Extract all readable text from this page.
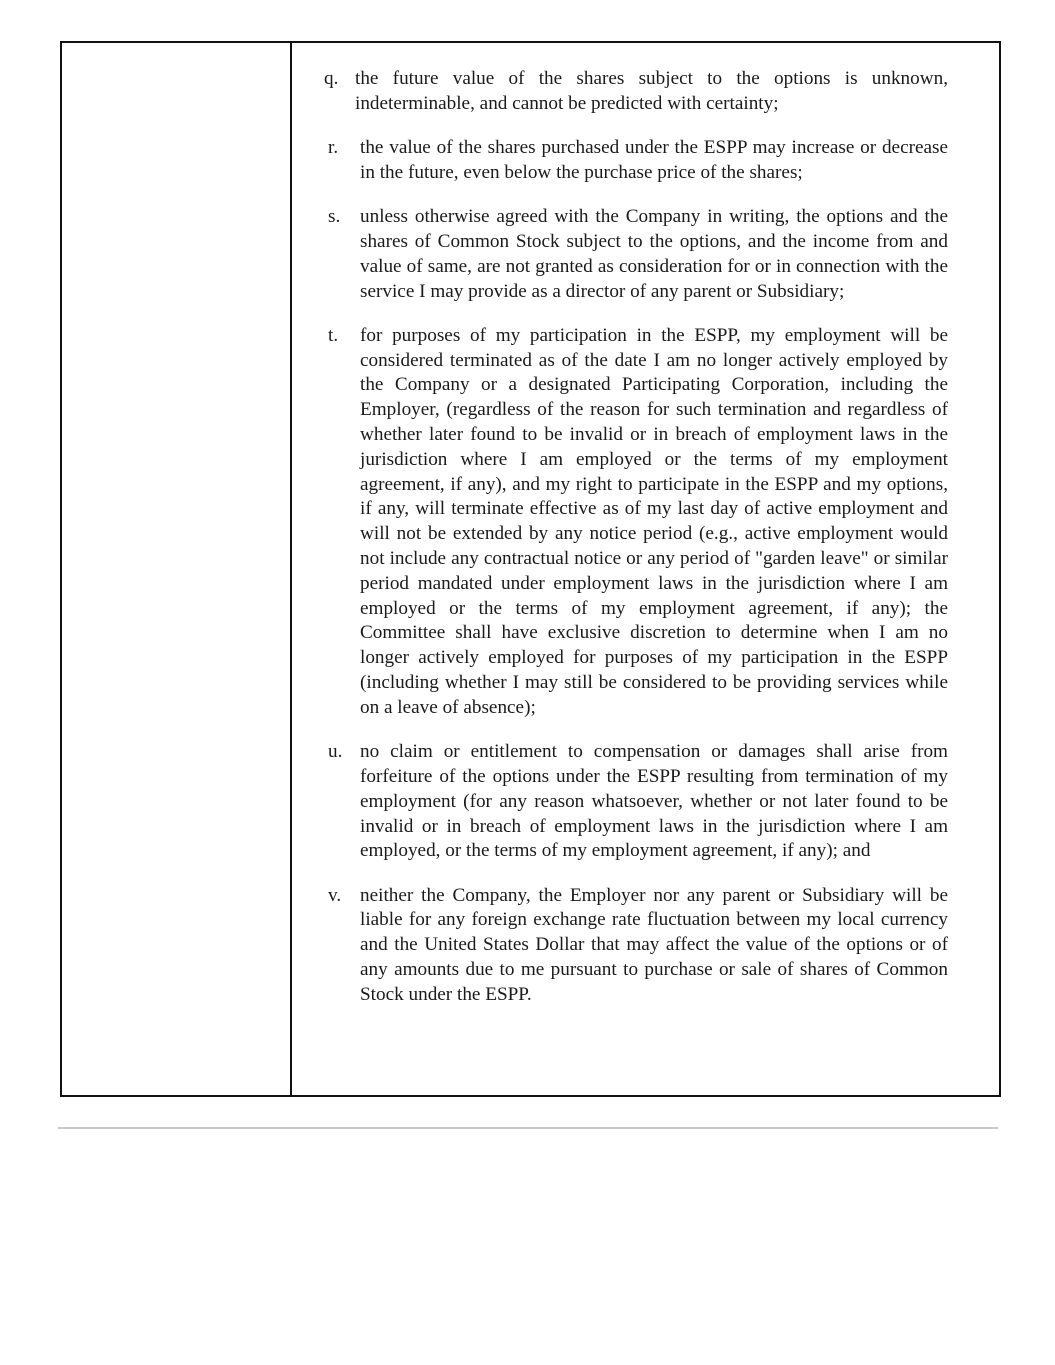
q. the future value of the shares subject to the options is unknown, indeterminable, and cannot be predicted with certainty;
r. the value of the shares purchased under the ESPP may increase or decrease in the future, even below the purchase price of the shares;
s. unless otherwise agreed with the Company in writing, the options and the shares of Common Stock subject to the options, and the income from and value of same, are not granted as consideration for or in connection with the service I may provide as a director of any parent or Subsidiary;
t. for purposes of my participation in the ESPP, my employment will be considered terminated as of the date I am no longer actively employed by the Company or a designated Participating Corporation, including the Employer, (regardless of the reason for such termination and regardless of whether later found to be invalid or in breach of employment laws in the jurisdiction where I am employed or the terms of my employment agreement, if any), and my right to participate in the ESPP and my options, if any, will terminate effective as of my last day of active employment and will not be extended by any notice period (e.g., active employment would not include any contractual notice or any period of "garden leave" or similar period mandated under employment laws in the jurisdiction where I am employed or the terms of my employment agreement, if any); the Committee shall have exclusive discretion to determine when I am no longer actively employed for purposes of my participation in the ESPP (including whether I may still be considered to be providing services while on a leave of absence);
u. no claim or entitlement to compensation or damages shall arise from forfeiture of the options under the ESPP resulting from termination of my employment (for any reason whatsoever, whether or not later found to be invalid or in breach of employment laws in the jurisdiction where I am employed, or the terms of my employment agreement, if any); and
v. neither the Company, the Employer nor any parent or Subsidiary will be liable for any foreign exchange rate fluctuation between my local currency and the United States Dollar that may affect the value of the options or of any amounts due to me pursuant to purchase or sale of shares of Common Stock under the ESPP.
